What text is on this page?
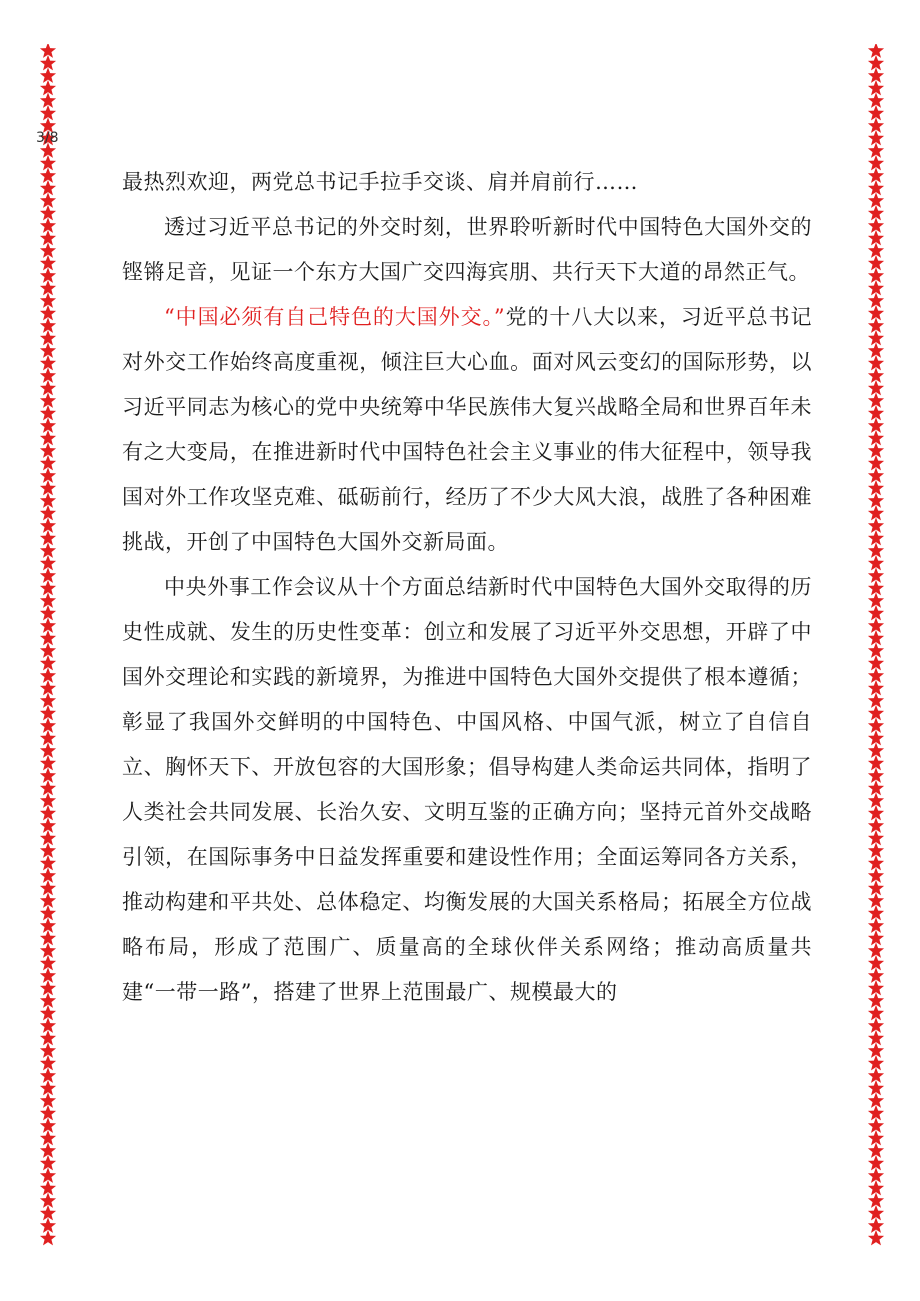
3/8

最热烈欢迎，两党总书记手拉手交谈、肩并肩前行……

透过习近平总书记的外交时刻，世界聆听新时代中国特色大国外交的铿锵足音，见证一个东方大国广交四海宾朋、共行天下大道的昂然正气。

“中国必须有自己特色的大国外交。”党的十八大以来，习近平总书记对外交工作始终高度重视，倾注巨大心血。面对风云变幻的国际形势，以习近平同志为核心的党中央统筹中华民族伟大复兴战略全局和世界百年未有之大变局，在推进新时代中国特色社会主义事业的伟大征程中，领导我国对外工作攻坚克难、砥砺前行，经历了不少大风大浪，战胜了各种困难挑战，开创了中国特色大国外交新局面。

中央外事工作会议从十个方面总结新时代中国特色大国外交取得的历史性成就、发生的历史性变革：创立和发展了习近平外交思想，开辟了中国外交理论和实践的新境界，为推进中国特色大国外交提供了根本遵循；彰显了我国外交鲜明的中国特色、中国风格、中国气派，树立了自信自立、胸怀天下、开放包容的大国形象；倡导构建人类命运共同体，指明了人类社会共同发展、长治久安、文明互鉴的正确方向；坚持元首外交战略引领，在国际事务中日益发挥重要和建设性作用；全面运筹同各方关系，推动构建和平共处、总体稳定、均衡发展的大国关系格局；拓展全方位战略布局，形成了范围广、质量高的全球伙伴关系网络；推动高质量共建“一带一路”，搭建了世界上范围最广、规模最大的
